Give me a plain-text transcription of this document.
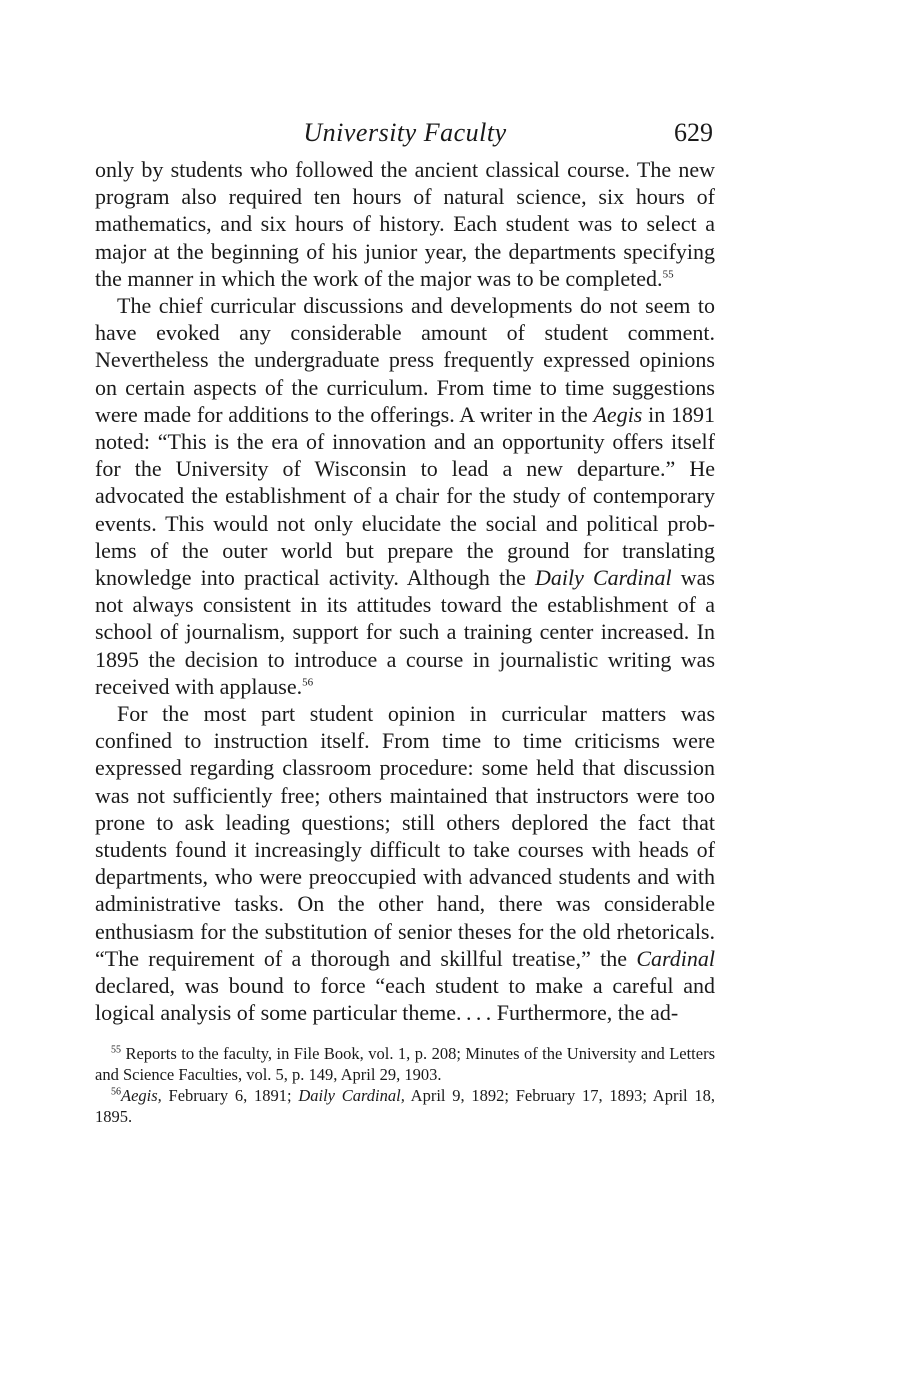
University Faculty	629

only by students who followed the ancient classical course. The new program also required ten hours of natural science, six hours of mathematics, and six hours of history. Each student was to select a major at the beginning of his junior year, the departments specifying the manner in which the work of the major was to be completed.$^{55}$

The chief curricular discussions and developments do not seem to have evoked any considerable amount of student comment. Nevertheless the undergraduate press frequently expressed opinions on certain aspects of the curriculum. From time to time suggestions were made for additions to the offerings. A writer in the Aegis in 1891 noted: “This is the era of innovation and an opportunity offers itself for the University of Wisconsin to lead a new departure.” He advocated the establishment of a chair for the study of contemporary events. This would not only elucidate the social and political problems of the outer world but prepare the ground for translating knowledge into practical activity. Although the Daily Cardinal was not always consistent in its attitudes toward the establishment of a school of journalism, support for such a training center increased. In 1895 the decision to introduce a course in journalistic writing was received with applause.$^{56}$

For the most part student opinion in curricular matters was confined to instruction itself. From time to time criticisms were expressed regarding classroom procedure: some held that discussion was not sufficiently free; others maintained that instructors were too prone to ask leading questions; still others deplored the fact that students found it increasingly difficult to take courses with heads of departments, who were preoccupied with advanced students and with administrative tasks. On the other hand, there was considerable enthusiasm for the substitution of senior theses for the old rhetoricals. “The requirement of a thorough and skillful treatise,” the Cardinal declared, was bound to force “each student to make a careful and logical analysis of some particular theme. . . . Furthermore, the ad-

$^{55}$ Reports to the faculty, in File Book, vol. 1, p. 208; Minutes of the University and Letters and Science Faculties, vol. 5, p. 149, April 29, 1903.

$^{56}$Aegis, February 6, 1891; Daily Cardinal, April 9, 1892; February 17, 1893; April 18, 1895.
